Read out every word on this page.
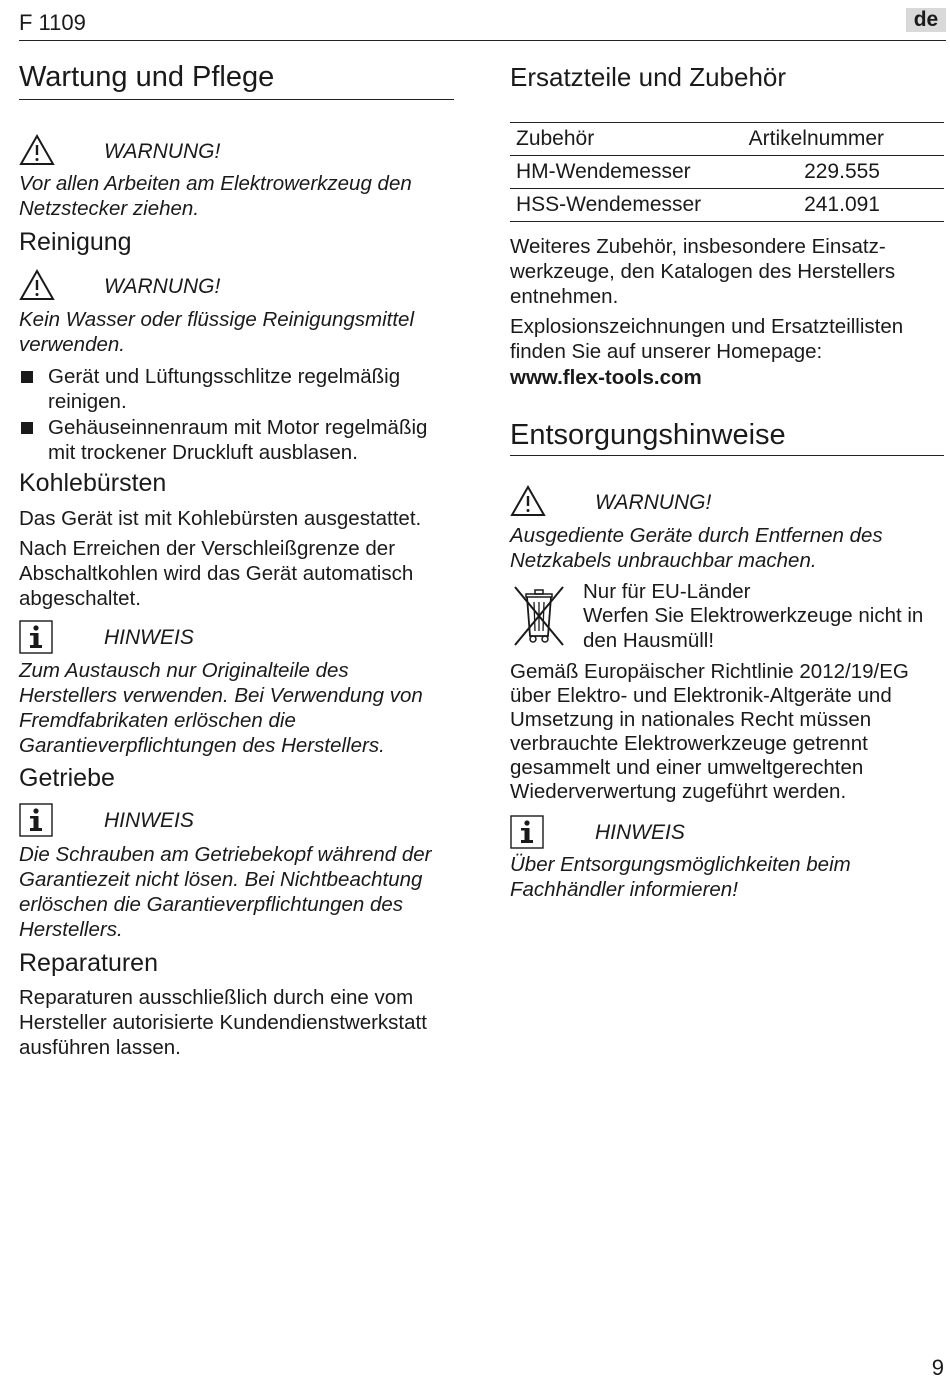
F 1109	de
Wartung und Pflege
WARNUNG!
Vor allen Arbeiten am Elektrowerkzeug den Netzstecker ziehen.
Reinigung
WARNUNG!
Kein Wasser oder flüssige Reinigungsmittel verwenden.
Gerät und Lüftungsschlitze regelmäßig reinigen.
Gehäuseinnenraum mit Motor regelmäßig mit trockener Druckluft ausblasen.
Kohlebürsten
Das Gerät ist mit Kohlebürsten ausgestattet.
Nach Erreichen der Verschleißgrenze der Abschaltkohlen wird das Gerät automatisch abgeschaltet.
HINWEIS
Zum Austausch nur Originalteile des Herstellers verwenden. Bei Verwendung von Fremdfabrikaten erlöschen die Garantieverpflichtungen des Herstellers.
Getriebe
HINWEIS
Die Schrauben am Getriebekopf während der Garantiezeit nicht lösen. Bei Nichtbeachtung erlöschen die Garantieverpflichtungen des Herstellers.
Reparaturen
Reparaturen ausschließlich durch eine vom Hersteller autorisierte Kundendienstwerkstatt ausführen lassen.
Ersatzteile und Zubehör
Zubehör	Artikelnummer
HM-Wendemesser	229.555
HSS-Wendemesser	241.091
Weiteres Zubehör, insbesondere Einsatz-werkzeuge, den Katalogen des Herstellers entnehmen.
Explosionszeichnungen und Ersatzteillisten finden Sie auf unserer Homepage:
www.flex-tools.com
Entsorgungshinweise
WARNUNG!
Ausgediente Geräte durch Entfernen des Netzkabels unbrauchbar machen.
Nur für EU-Länder
Werfen Sie Elektrowerkzeuge nicht in den Hausmüll!
Gemäß Europäischer Richtlinie 2012/19/EG über Elektro- und Elektronik-Altgeräte und Umsetzung in nationales Recht müssen verbrauchte Elektrowerkzeuge getrennt gesammelt und einer umweltgerechten Wiederverwertung zugeführt werden.
HINWEIS
Über Entsorgungsmöglichkeiten beim Fachhändler informieren!
9
